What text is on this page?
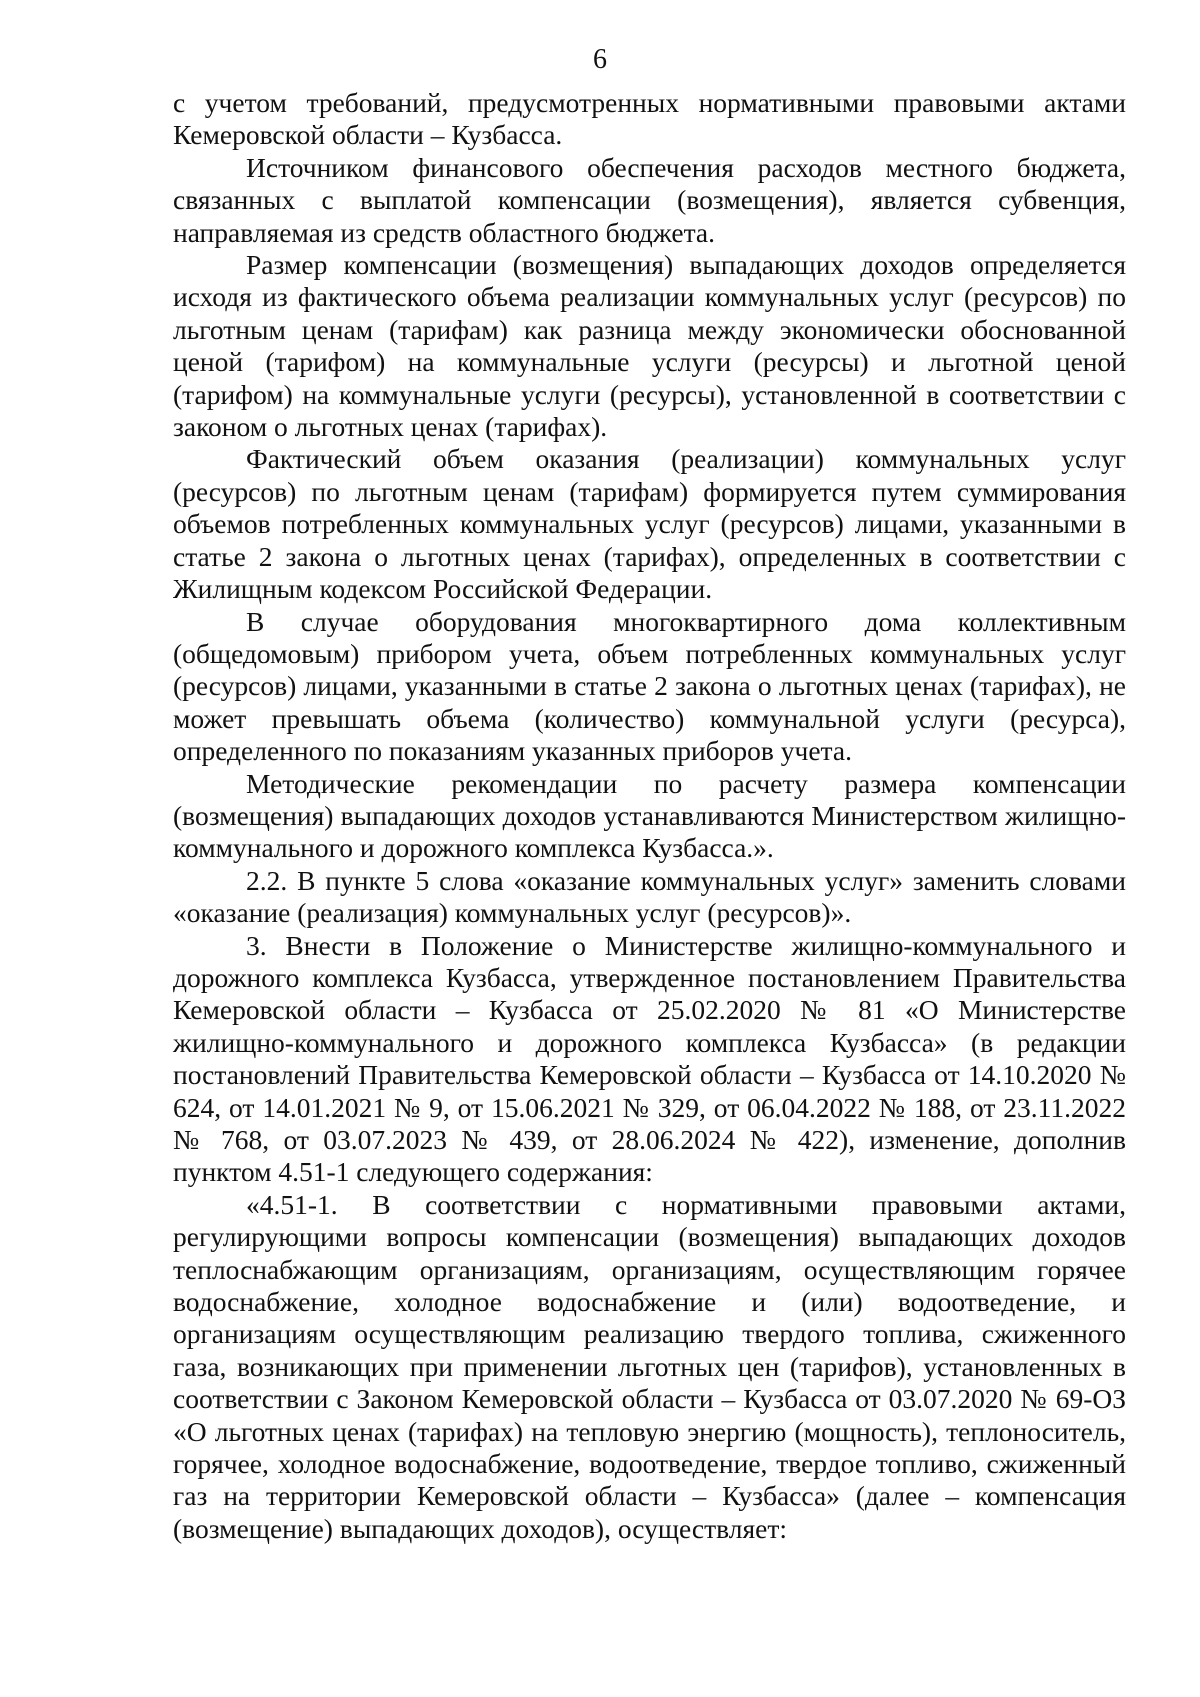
6

с учетом требований, предусмотренных нормативными правовыми актами Кемеровской области – Кузбасса.

Источником финансового обеспечения расходов местного бюджета, связанных с выплатой компенсации (возмещения), является субвенция, направляемая из средств областного бюджета.

Размер компенсации (возмещения) выпадающих доходов определяется исходя из фактического объема реализации коммунальных услуг (ресурсов) по льготным ценам (тарифам) как разница между экономически обоснованной ценой (тарифом) на коммунальные услуги (ресурсы) и льготной ценой (тарифом) на коммунальные услуги (ресурсы), установленной в соответствии с законом о льготных ценах (тарифах).

Фактический объем оказания (реализации) коммунальных услуг (ресурсов) по льготным ценам (тарифам) формируется путем суммирования объемов потребленных коммунальных услуг (ресурсов) лицами, указанными в статье 2 закона о льготных ценах (тарифах), определенных в соответствии с Жилищным кодексом Российской Федерации.

В случае оборудования многоквартирного дома коллективным (общедомовым) прибором учета, объем потребленных коммунальных услуг (ресурсов) лицами, указанными в статье 2 закона о льготных ценах (тарифах), не может превышать объема (количество) коммунальной услуги (ресурса), определенного по показаниям указанных приборов учета.

Методические рекомендации по расчету размера компенсации (возмещения) выпадающих доходов устанавливаются Министерством жилищно-коммунального и дорожного комплекса Кузбасса.».

2.2. В пункте 5 слова «оказание коммунальных услуг» заменить словами «оказание (реализация) коммунальных услуг (ресурсов)».

3. Внести в Положение о Министерстве жилищно-коммунального и дорожного комплекса Кузбасса, утвержденное постановлением Правительства Кемеровской области – Кузбасса от 25.02.2020 № 81 «О Министерстве жилищно-коммунального и дорожного комплекса Кузбасса» (в редакции постановлений Правительства Кемеровской области – Кузбасса от 14.10.2020 № 624, от 14.01.2021 № 9, от 15.06.2021 № 329, от 06.04.2022 № 188, от 23.11.2022 № 768, от 03.07.2023 № 439, от 28.06.2024 № 422), изменение, дополнив пунктом 4.51-1 следующего содержания:

«4.51-1. В соответствии с нормативными правовыми актами, регулирующими вопросы компенсации (возмещения) выпадающих доходов теплоснабжающим организациям, организациям, осуществляющим горячее водоснабжение, холодное водоснабжение и (или) водоотведение, и организациям осуществляющим реализацию твердого топлива, сжиженного газа, возникающих при применении льготных цен (тарифов), установленных в соответствии с Законом Кемеровской области – Кузбасса от 03.07.2020 № 69-ОЗ «О льготных ценах (тарифах) на тепловую энергию (мощность), теплоноситель, горячее, холодное водоснабжение, водоотведение, твердое топливо, сжиженный газ на территории Кемеровской области – Кузбасса» (далее – компенсация (возмещение) выпадающих доходов), осуществляет:
